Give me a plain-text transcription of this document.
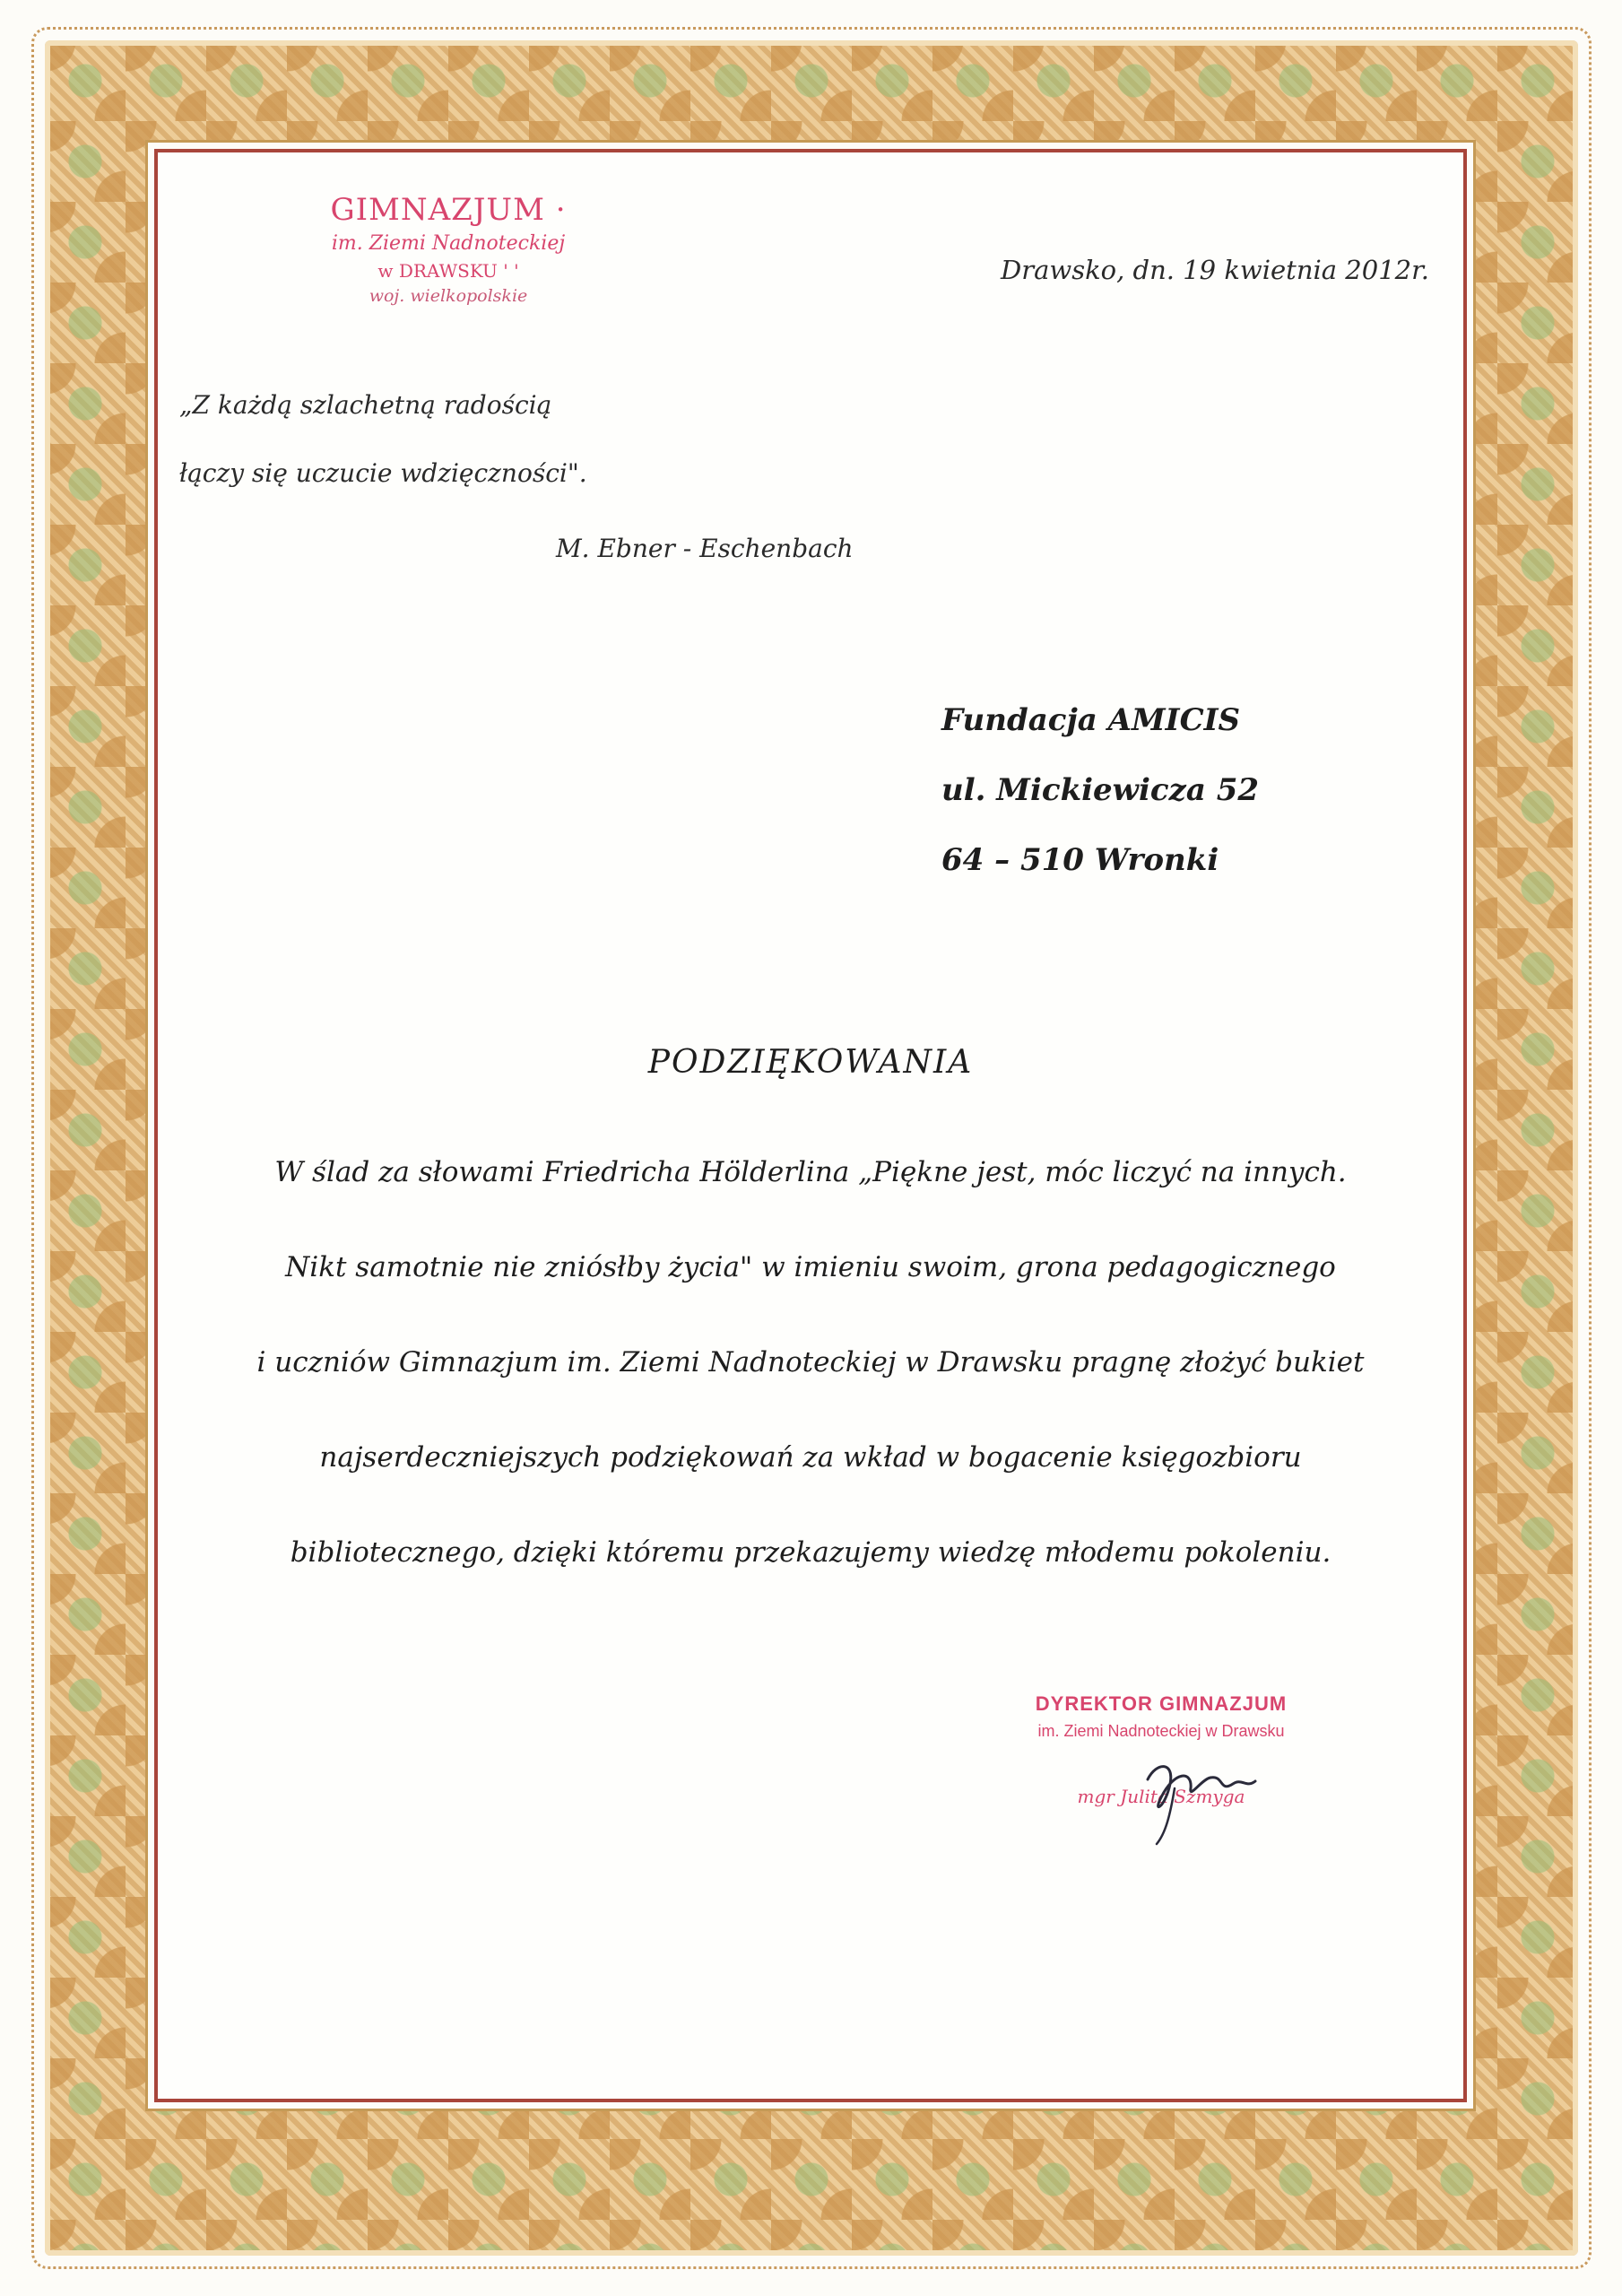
GIMNAZJUM ·
im. Ziemi Nadnoteckiej
w DRAWSKU ' '
woj. wielkopolskie
Drawsko, dn. 19 kwietnia 2012r.
„Z każdą szlachetną radością
łączy się uczucie wdzięczności".
M. Ebner - Eschenbach
Fundacja AMICIS
ul. Mickiewicza 52
64 – 510 Wronki
PODZIĘKOWANIA
W ślad za słowami Friedricha Hölderlina „Piękne jest, móc liczyć na innych.
Nikt samotnie nie zniósłby życia" w imieniu swoim, grona pedagogicznego
i uczniów Gimnazjum im. Ziemi Nadnoteckiej w Drawsku pragnę złożyć bukiet
najserdeczniejszych podziękowań za wkład w bogacenie księgozbioru
bibliotecznego, dzięki któremu przekazujemy wiedzę młodemu pokoleniu.
DYREKTOR GIMNAZJUM
im. Ziemi Nadnoteckiej w Drawsku
mgr Julita Szmyga
